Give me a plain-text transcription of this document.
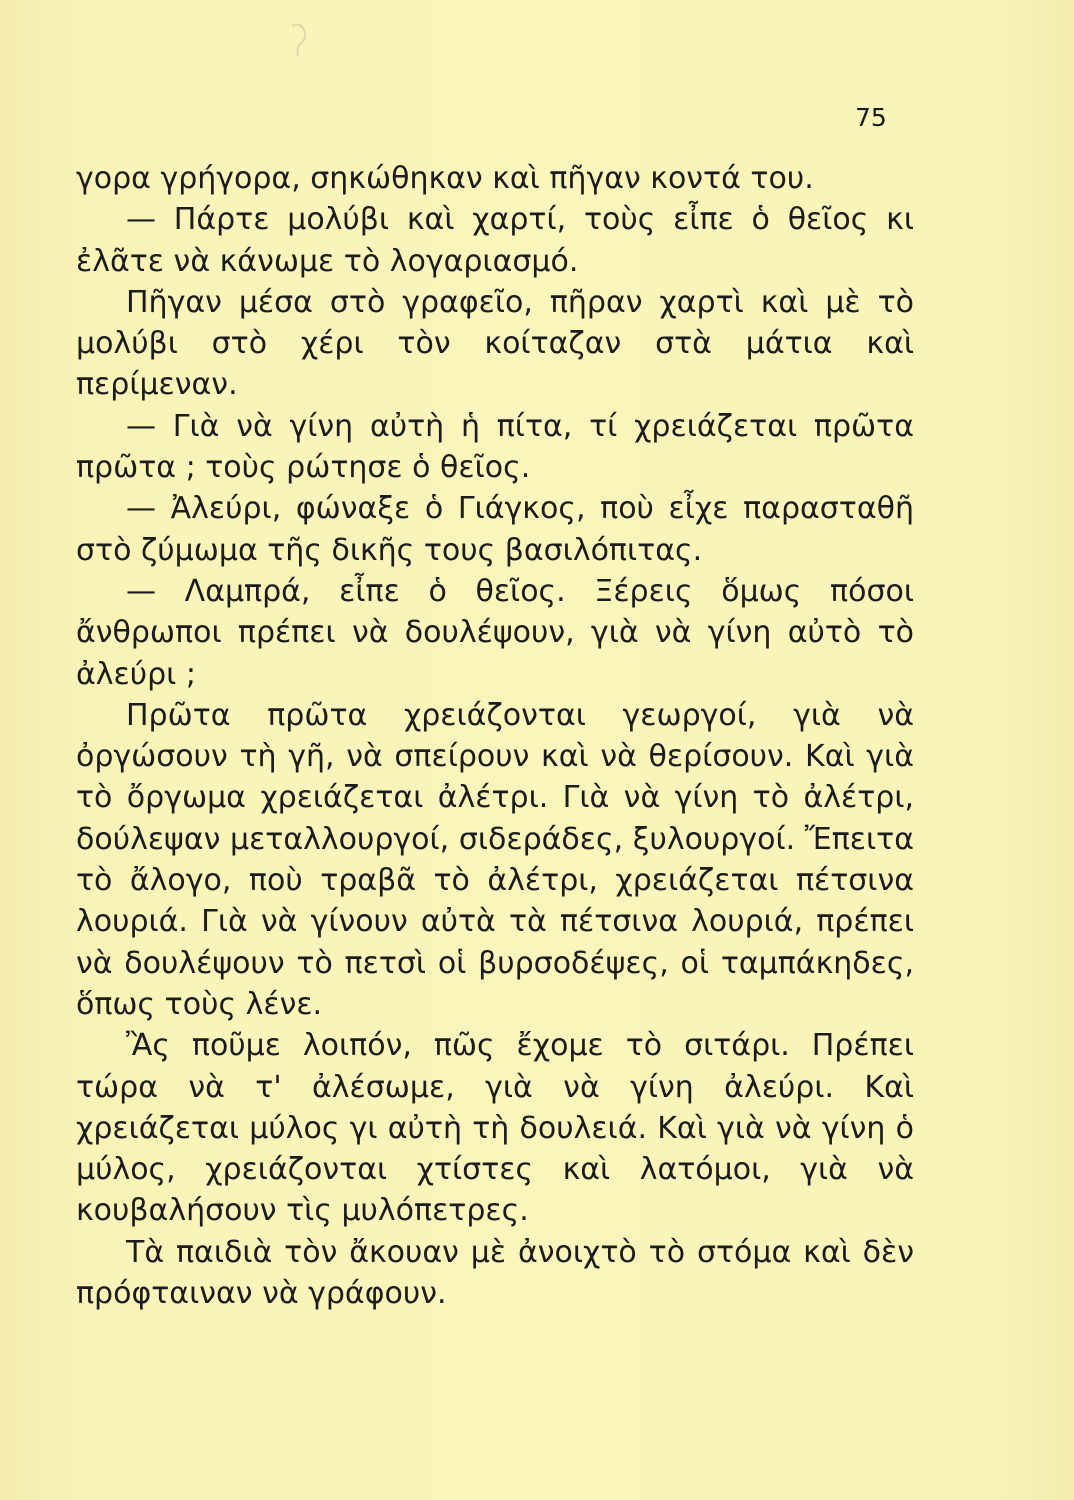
75

γορα γρήγορα, σηκώθηκαν καὶ πῆγαν κοντά του.

— Πάρτε μολύβι καὶ χαρτί, τοὺς εἶπε ὁ θεῖος κι ἐλᾶτε νὰ κάνωμε τὸ λογαριασμό.

Πῆγαν μέσα στὸ γραφεῖο, πῆραν χαρτὶ καὶ μὲ τὸ μολύβι στὸ χέρι τὸν κοίταζαν στὰ μάτια καὶ περίμεναν.

— Γιὰ νὰ γίνη αὐτὴ ἡ πίτα, τί χρειάζεται πρῶτα πρῶτα ; τοὺς ρώτησε ὁ θεῖος.

— Ἀλεύρι, φώναξε ὁ Γιάγκος, ποὺ εἶχε παρασταθῆ στὸ ζύμωμα τῆς δικῆς τους βασιλόπιτας.

— Λαμπρά, εἶπε ὁ θεῖος. Ξέρεις ὅμως πόσοι ἄνθρωποι πρέπει νὰ δουλέψουν, γιὰ νὰ γίνη αὐτὸ τὸ ἀλεύρι ;

Πρῶτα πρῶτα χρειάζονται γεωργοί, γιὰ νὰ ὀργώσουν τὴ γῆ, νὰ σπείρουν καὶ νὰ θερίσουν. Καὶ γιὰ τὸ ὄργωμα χρειάζεται ἀλέτρι. Γιὰ νὰ γίνη τὸ ἀλέτρι, δούλεψαν μεταλλουργοί, σιδεράδες, ξυλουργοί. Ἔπειτα τὸ ἄλογο, ποὺ τραβᾶ τὸ ἀλέτρι, χρειάζεται πέτσινα λουριά. Γιὰ νὰ γίνουν αὐτὰ τὰ πέτσινα λουριά, πρέπει νὰ δουλέψουν τὸ πετσὶ οἱ βυρσοδέψες, οἱ ταμπάκηδες, ὅπως τοὺς λένε.

Ἂς ποῦμε λοιπόν, πῶς ἔχομε τὸ σιτάρι. Πρέπει τώρα νὰ τ' ἀλέσωμε, γιὰ νὰ γίνη ἀλεύρι. Καὶ χρειάζεται μύλος γι αὐτὴ τὴ δουλειά. Καὶ γιὰ νὰ γίνη ὁ μύλος, χρειάζονται χτίστες καὶ λατόμοι, γιὰ νὰ κουβαλήσουν τὶς μυλόπετρες.

Τὰ παιδιὰ τὸν ἄκουαν μὲ ἀνοιχτὸ τὸ στόμα καὶ δὲν πρόφταιναν νὰ γράφουν.
